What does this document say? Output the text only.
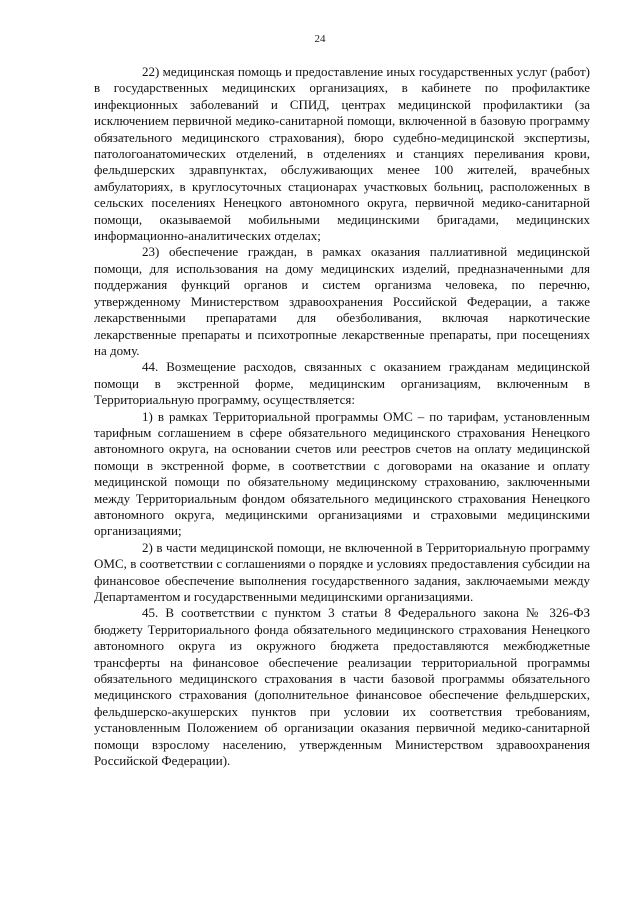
24

22) медицинская помощь и предоставление иных государственных услуг (работ) в государственных медицинских организациях, в кабинете по профилактике инфекционных заболеваний и СПИД, центрах медицинской профилактики (за исключением первичной медико-санитарной помощи, включенной в базовую программу обязательного медицинского страхования), бюро судебно-медицинской экспертизы, патологоанатомических отделений, в отделениях и станциях переливания крови, фельдшерских здравпунктах, обслуживающих менее 100 жителей, врачебных амбулаториях, в круглосуточных стационарах участковых больниц, расположенных в сельских поселениях Ненецкого автономного округа, первичной медико-санитарной помощи, оказываемой мобильными медицинскими бригадами, медицинских информационно-аналитических отделах;

23) обеспечение граждан, в рамках оказания паллиативной медицинской помощи, для использования на дому медицинских изделий, предназначенными для поддержания функций органов и систем организма человека, по перечню, утвержденному Министерством здравоохранения Российской Федерации, а также лекарственными препаратами для обезболивания, включая наркотические лекарственные препараты и психотропные лекарственные препараты, при посещениях на дому.

44. Возмещение расходов, связанных с оказанием гражданам медицинской помощи в экстренной форме, медицинским организациям, включенным в Территориальную программу, осуществляется:

1) в рамках Территориальной программы ОМС – по тарифам, установленным тарифным соглашением в сфере обязательного медицинского страхования Ненецкого автономного округа, на основании счетов или реестров счетов на оплату медицинской помощи в экстренной форме, в соответствии с договорами на оказание и оплату медицинской помощи по обязательному медицинскому страхованию, заключенными между Территориальным фондом обязательного медицинского страхования Ненецкого автономного округа, медицинскими организациями и страховыми медицинскими организациями;

2) в части медицинской помощи, не включенной в Территориальную программу ОМС, в соответствии с соглашениями о порядке и условиях предоставления субсидии на финансовое обеспечение выполнения государственного задания, заключаемыми между Департаментом и государственными медицинскими организациями.

45. В соответствии с пунктом 3 статьи 8 Федерального закона № 326-ФЗ бюджету Территориального фонда обязательного медицинского страхования Ненецкого автономного округа из окружного бюджета предоставляются межбюджетные трансферты на финансовое обеспечение реализации территориальной программы обязательного медицинского страхования в части базовой программы обязательного медицинского страхования (дополнительное финансовое обеспечение фельдшерских, фельдшерско-акушерских пунктов при условии их соответствия требованиям, установленным Положением об организации оказания первичной медико-санитарной помощи взрослому населению, утвержденным Министерством здравоохранения Российской Федерации).
